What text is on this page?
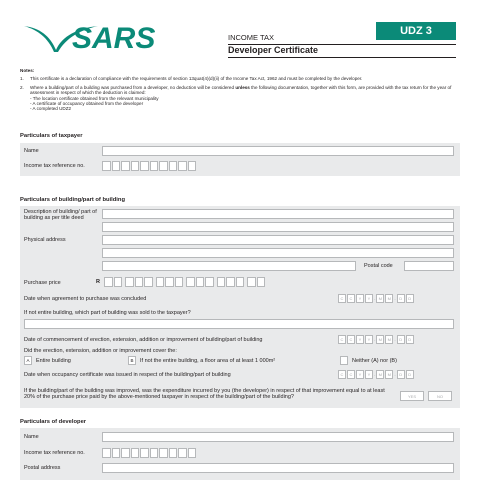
SARS	UDZ 3
INCOME TAX
Developer Certificate
Notes:
1.	This certificate is a declaration of compliance with the requirements of section 13quat(4)(d)(ii) of the Income Tax Act, 1962 and must be completed by the developer.
2.	Where a building/part of a building was purchased from a developer, no deduction will be considered unless the following documentation, together with this form, are provided with the tax return for the year of assessment in respect of which the deduction is claimed:
- The location certificate obtained from the relevant municipality
- A certificate of occupancy obtained from the developer
- A completed UDZ2
Particulars of taxpayer
Name
Income tax reference no.
Particulars of building/part of building
Description of building/ part of building as per title deed
Physical address
Postal code
Purchase price	R
Date when agreement to purchase was concluded	C	C	Y	Y - M	M - D	D
If not entire building, which part of building was sold to the taxpayer?
Date of commencement of erection, extension, addition or improvement of building/part of building	C	C	Y	Y - M	M - D	D
Did the erection, extension, addition or improvement cover the:
A	Entire building	B	If not the entire building, a floor area of at least 1 000m²	Neither (A) nor (B)
Date when occupancy certificate was issued in respect of the building/part of building	C	C	Y	Y - M	M - D	D
If the building/part of the building was improved, was the expenditure incurred by you (the developer) in respect of that improvement equal to at least 20% of the purchase price paid by the above-mentioned taxpayer in respect of the building/part of the building?	YES	NO
Particulars of developer
Name
Income tax reference no.
Postal address
